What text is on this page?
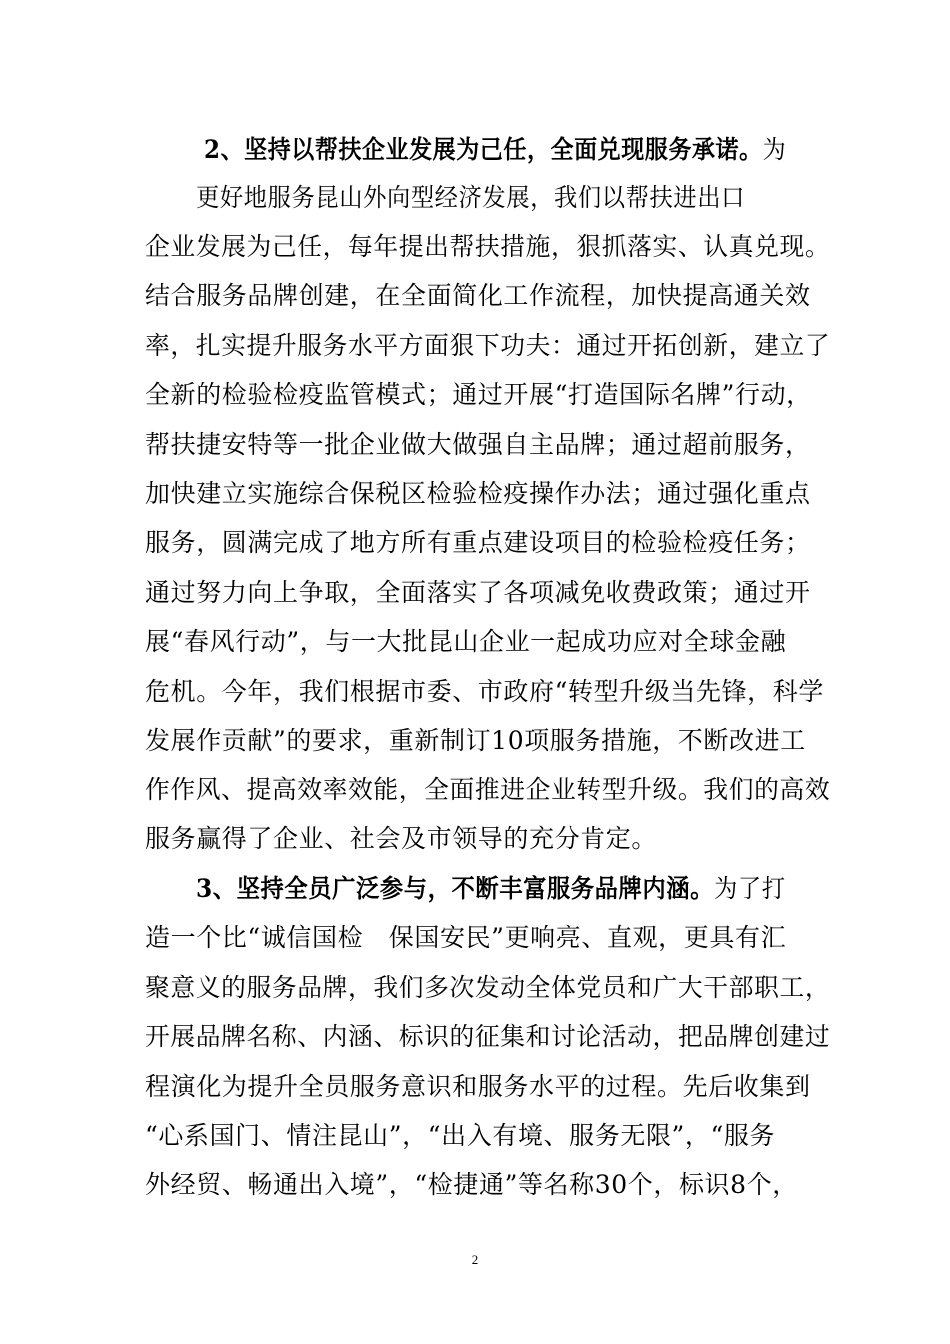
2、坚持以帮扶企业发展为己任，全面兑现服务承诺。为
更好地服务昆山外向型经济发展，我们以帮扶进出口
企业发展为己任，每年提出帮扶措施，狠抓落实、认真兑现。
结合服务品牌创建，在全面简化工作流程，加快提高通关效
率，扎实提升服务水平方面狠下功夫：通过开拓创新，建立了
全新的检验检疫监管模式；通过开展“打造国际名牌”行动，
帮扶捷安特等一批企业做大做强自主品牌；通过超前服务，
加快建立实施综合保税区检验检疫操作办法；通过强化重点
服务，圆满完成了地方所有重点建设项目的检验检疫任务；
通过努力向上争取，全面落实了各项减免收费政策；通过开
展“春风行动”，与一大批昆山企业一起成功应对全球金融
危机。今年，我们根据市委、市政府“转型升级当先锋，科学
发展作贡献”的要求，重新制订10项服务措施，不断改进工
作作风、提高效率效能，全面推进企业转型升级。我们的高效
服务赢得了企业、社会及市领导的充分肯定。
3、坚持全员广泛参与，不断丰富服务品牌内涵。为了打
造一个比“诚信国检　保国安民”更响亮、直观，更具有汇
聚意义的服务品牌，我们多次发动全体党员和广大干部职工，
开展品牌名称、内涵、标识的征集和讨论活动，把品牌创建过
程演化为提升全员服务意识和服务水平的过程。先后收集到
“心系国门、情注昆山”，“出入有境、服务无限”，“服务
外经贸、畅通出入境”，“检捷通”等名称30个，标识8个，
2
